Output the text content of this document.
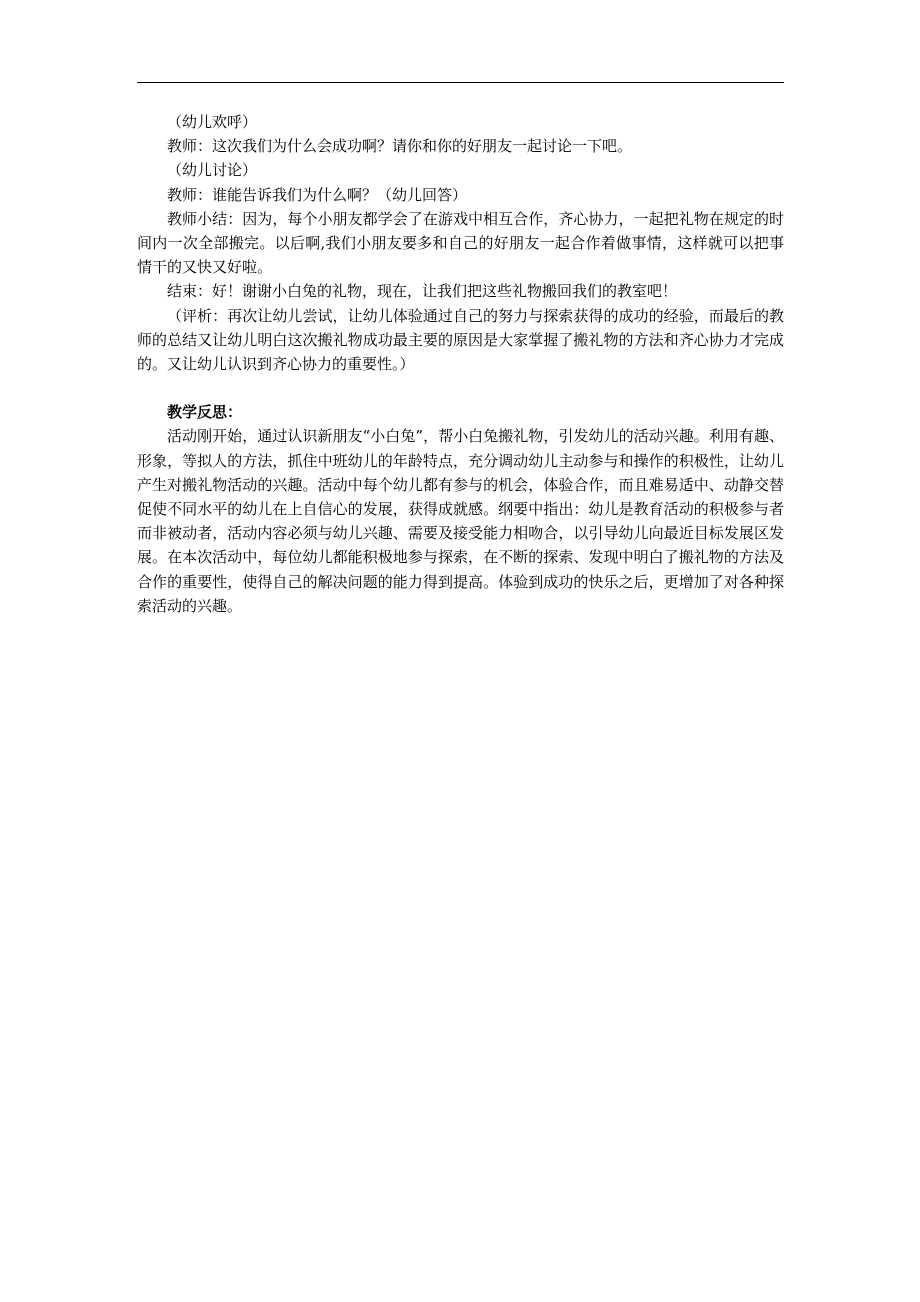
（幼儿欢呼）

教师：这次我们为什么会成功啊？请你和你的好朋友一起讨论一下吧。

（幼儿讨论）

教师：谁能告诉我们为什么啊？（幼儿回答）

教师小结：因为，每个小朋友都学会了在游戏中相互合作，齐心协力，一起把礼物在规定的时间内一次全部搬完。以后啊,我们小朋友要多和自己的好朋友一起合作着做事情，这样就可以把事情干的又快又好啦。

结束：好！谢谢小白兔的礼物，现在，让我们把这些礼物搬回我们的教室吧！

（评析：再次让幼儿尝试，让幼儿体验通过自己的努力与探索获得的成功的经验，而最后的教师的总结又让幼儿明白这次搬礼物成功最主要的原因是大家掌握了搬礼物的方法和齐心协力才完成的。又让幼儿认识到齐心协力的重要性。）

教学反思：

活动刚开始，通过认识新朋友“小白兔”，帮小白兔搬礼物，引发幼儿的活动兴趣。利用有趣、形象，等拟人的方法，抓住中班幼儿的年龄特点，充分调动幼儿主动参与和操作的积极性，让幼儿产生对搬礼物活动的兴趣。活动中每个幼儿都有参与的机会，体验合作，而且难易适中、动静交替促使不同水平的幼儿在上自信心的发展，获得成就感。纲要中指出：幼儿是教育活动的积极参与者而非被动者，活动内容必须与幼儿兴趣、需要及接受能力相吻合，以引导幼儿向最近目标发展区发展。在本次活动中，每位幼儿都能积极地参与探索，在不断的探索、发现中明白了搬礼物的方法及合作的重要性，使得自己的解决问题的能力得到提高。体验到成功的快乐之后，更增加了对各种探索活动的兴趣。
